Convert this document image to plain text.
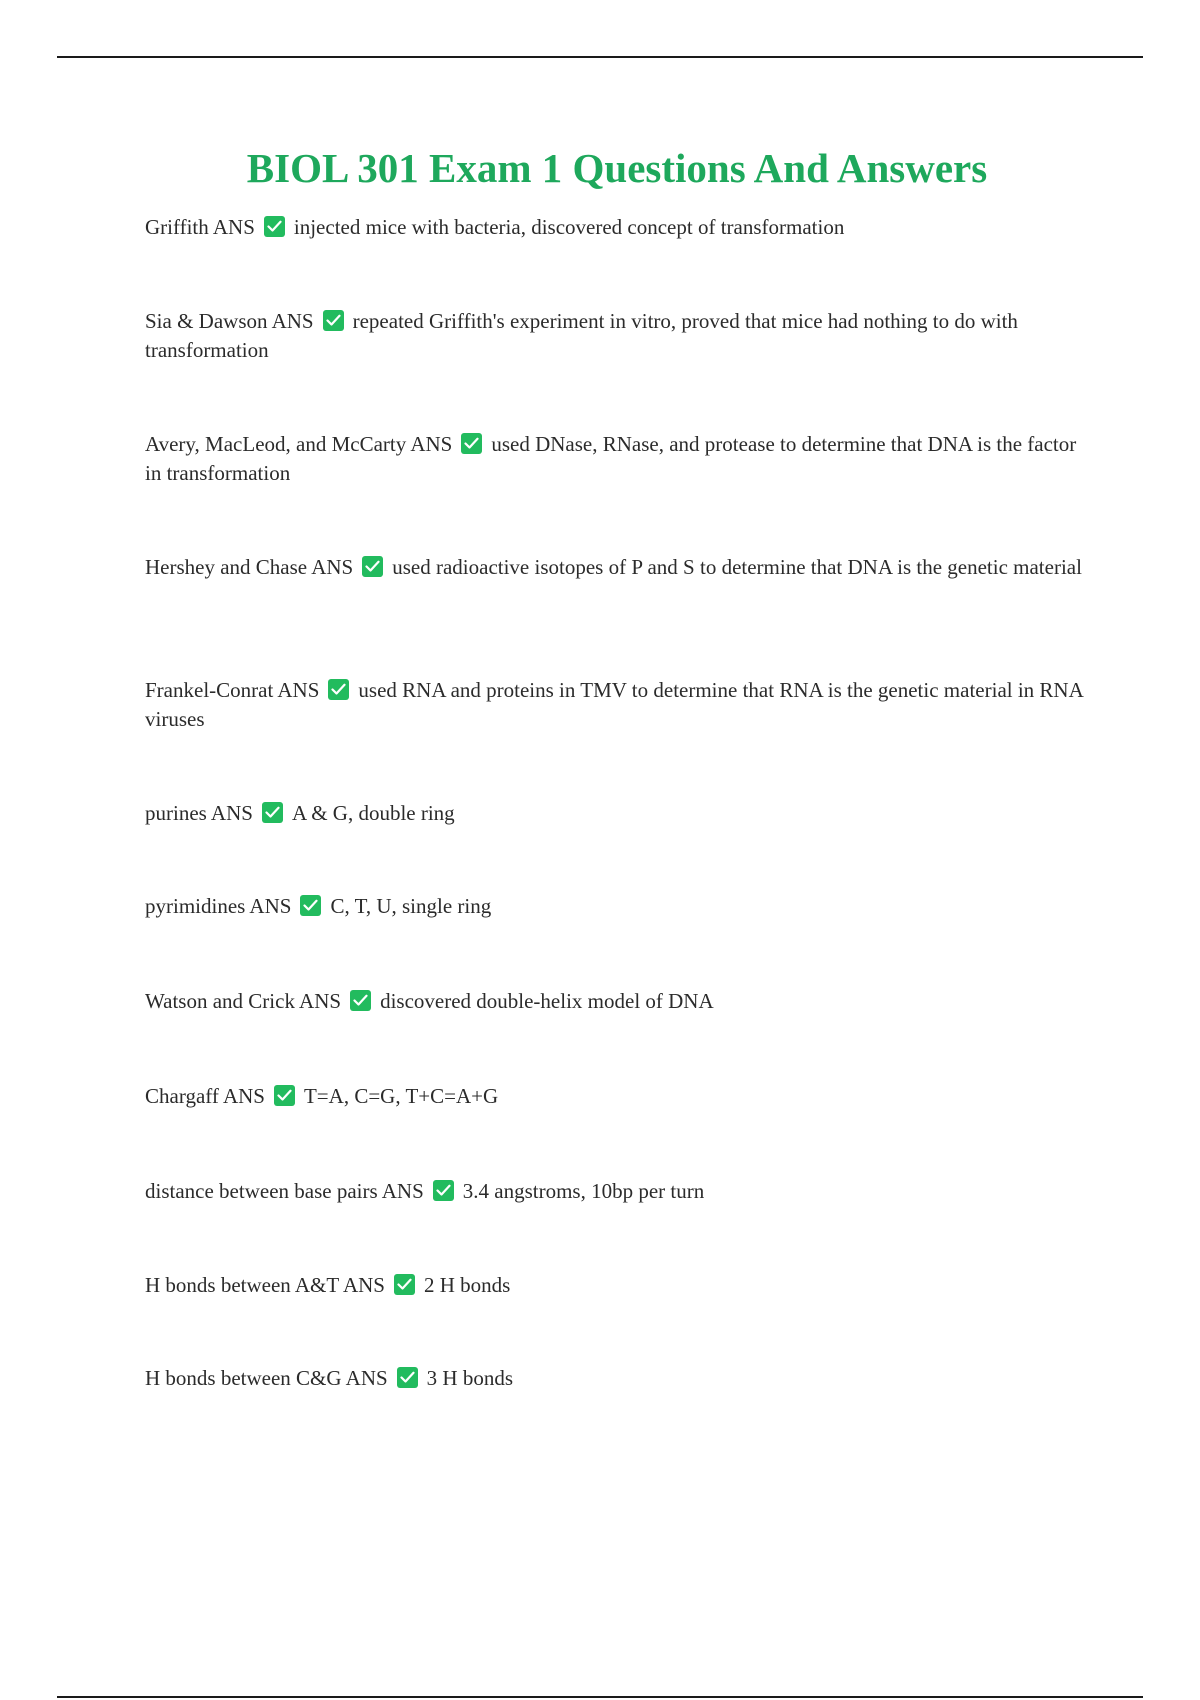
BIOL 301 Exam 1 Questions And Answers

Griffith ANS injected mice with bacteria, discovered concept of transformation

Sia & Dawson ANS repeated Griffith's experiment in vitro, proved that mice had nothing to do with transformation

Avery, MacLeod, and McCarty ANS used DNase, RNase, and protease to determine that DNA is the factor in transformation

Hershey and Chase ANS used radioactive isotopes of P and S to determine that DNA is the genetic material

Frankel-Conrat ANS used RNA and proteins in TMV to determine that RNA is the genetic material in RNA viruses

purines ANS A & G, double ring

pyrimidines ANS C, T, U, single ring

Watson and Crick ANS discovered double-helix model of DNA

Chargaff ANS T=A, C=G, T+C=A+G

distance between base pairs ANS 3.4 angstroms, 10bp per turn

H bonds between A&T ANS 2 H bonds

H bonds between C&G ANS 3 H bonds
